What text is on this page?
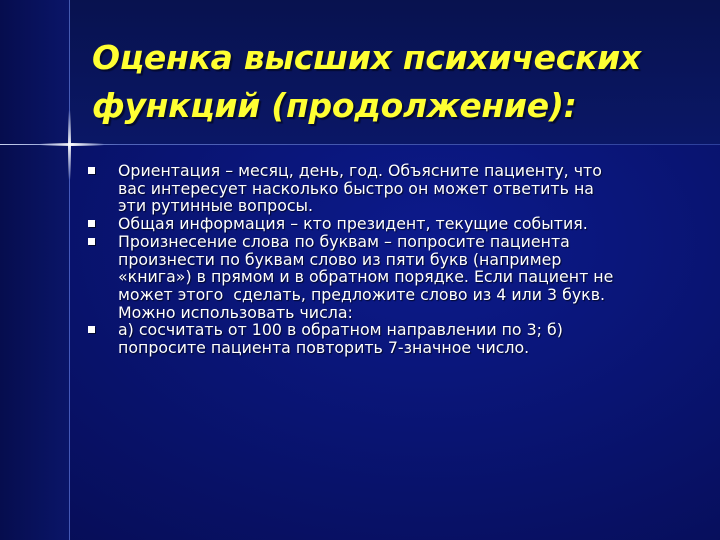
Оценка высших психических
функций (продолжение):
Ориентация – месяц, день, год. Объясните пациенту, что
вас интересует насколько быстро он может ответить на
эти рутинные вопросы.
Общая информация – кто президент, текущие события.
Произнесение слова по буквам – попросите пациента
произнести по буквам слово из пяти букв (например
«книга») в прямом и в обратном порядке. Если пациент не
может этого  сделать, предложите слово из 4 или 3 букв.
Можно использовать числа:
а) сосчитать от 100 в обратном направлении по 3; б)
попросите пациента повторить 7-значное число.
